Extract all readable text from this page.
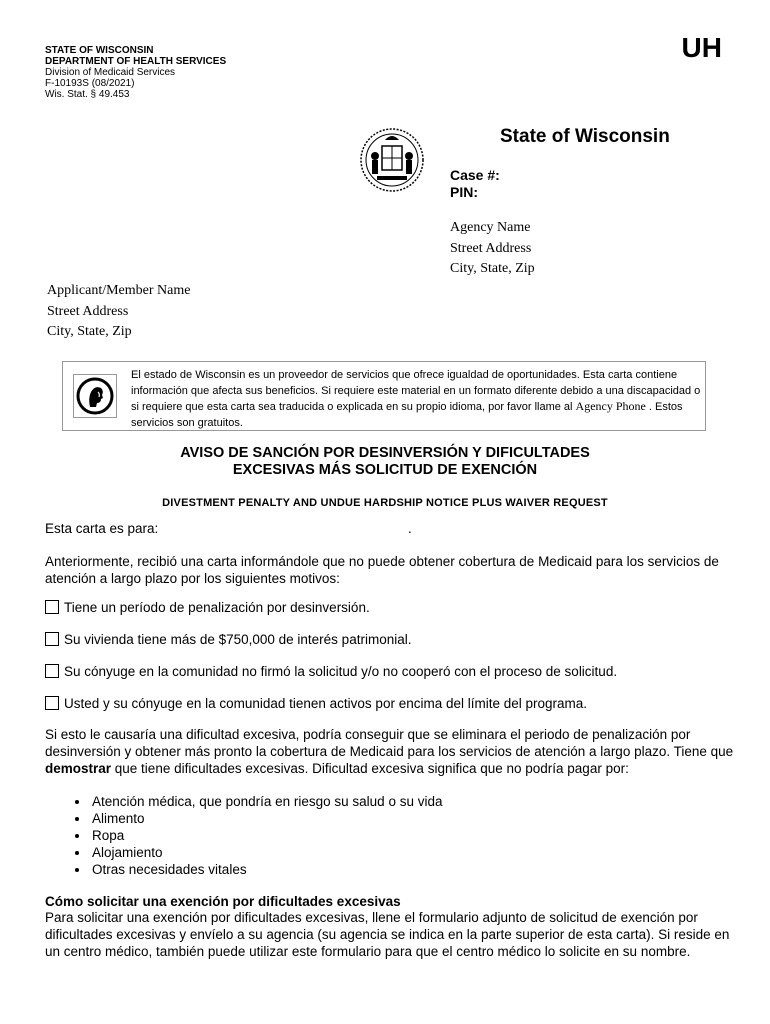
STATE OF WISCONSIN
DEPARTMENT OF HEALTH SERVICES
Division of Medicaid Services
F-10193S (08/2021)
Wis. Stat. § 49.453
UH
State of Wisconsin
Case #:
PIN:
Agency Name
Street Address
City, State, Zip
Applicant/Member Name
Street Address
City, State, Zip
El estado de Wisconsin es un proveedor de servicios que ofrece igualdad de oportunidades. Esta carta contiene información que afecta sus beneficios. Si requiere este material en un formato diferente debido a una discapacidad o si requiere que esta carta sea traducida o explicada en su propio idioma, por favor llame al Agency Phone . Estos servicios son gratuitos.
AVISO DE SANCIÓN POR DESINVERSIÓN Y DIFICULTADES
EXCESIVAS MÁS SOLICITUD DE EXENCIÓN
DIVESTMENT PENALTY AND UNDUE HARDSHIP NOTICE PLUS WAIVER REQUEST
Esta carta es para:	.
Anteriormente, recibió una carta informándole que no puede obtener cobertura de Medicaid para los servicios de atención a largo plazo por los siguientes motivos:
Tiene un período de penalización por desinversión.
Su vivienda tiene más de $750,000 de interés patrimonial.
Su cónyuge en la comunidad no firmó la solicitud y/o no cooperó con el proceso de solicitud.
Usted y su cónyuge en la comunidad tienen activos por encima del límite del programa.
Si esto le causaría una dificultad excesiva, podría conseguir que se eliminara el periodo de penalización por desinversión y obtener más pronto la cobertura de Medicaid para los servicios de atención a largo plazo. Tiene que demostrar que tiene dificultades excesivas. Dificultad excesiva significa que no podría pagar por:
• Atención médica, que pondría en riesgo su salud o su vida
• Alimento
• Ropa
• Alojamiento
• Otras necesidades vitales
Cómo solicitar una exención por dificultades excesivas
Para solicitar una exención por dificultades excesivas, llene el formulario adjunto de solicitud de exención por dificultades excesivas y envíelo a su agencia (su agencia se indica en la parte superior de esta carta). Si reside en un centro médico, también puede utilizar este formulario para que el centro médico lo solicite en su nombre.
